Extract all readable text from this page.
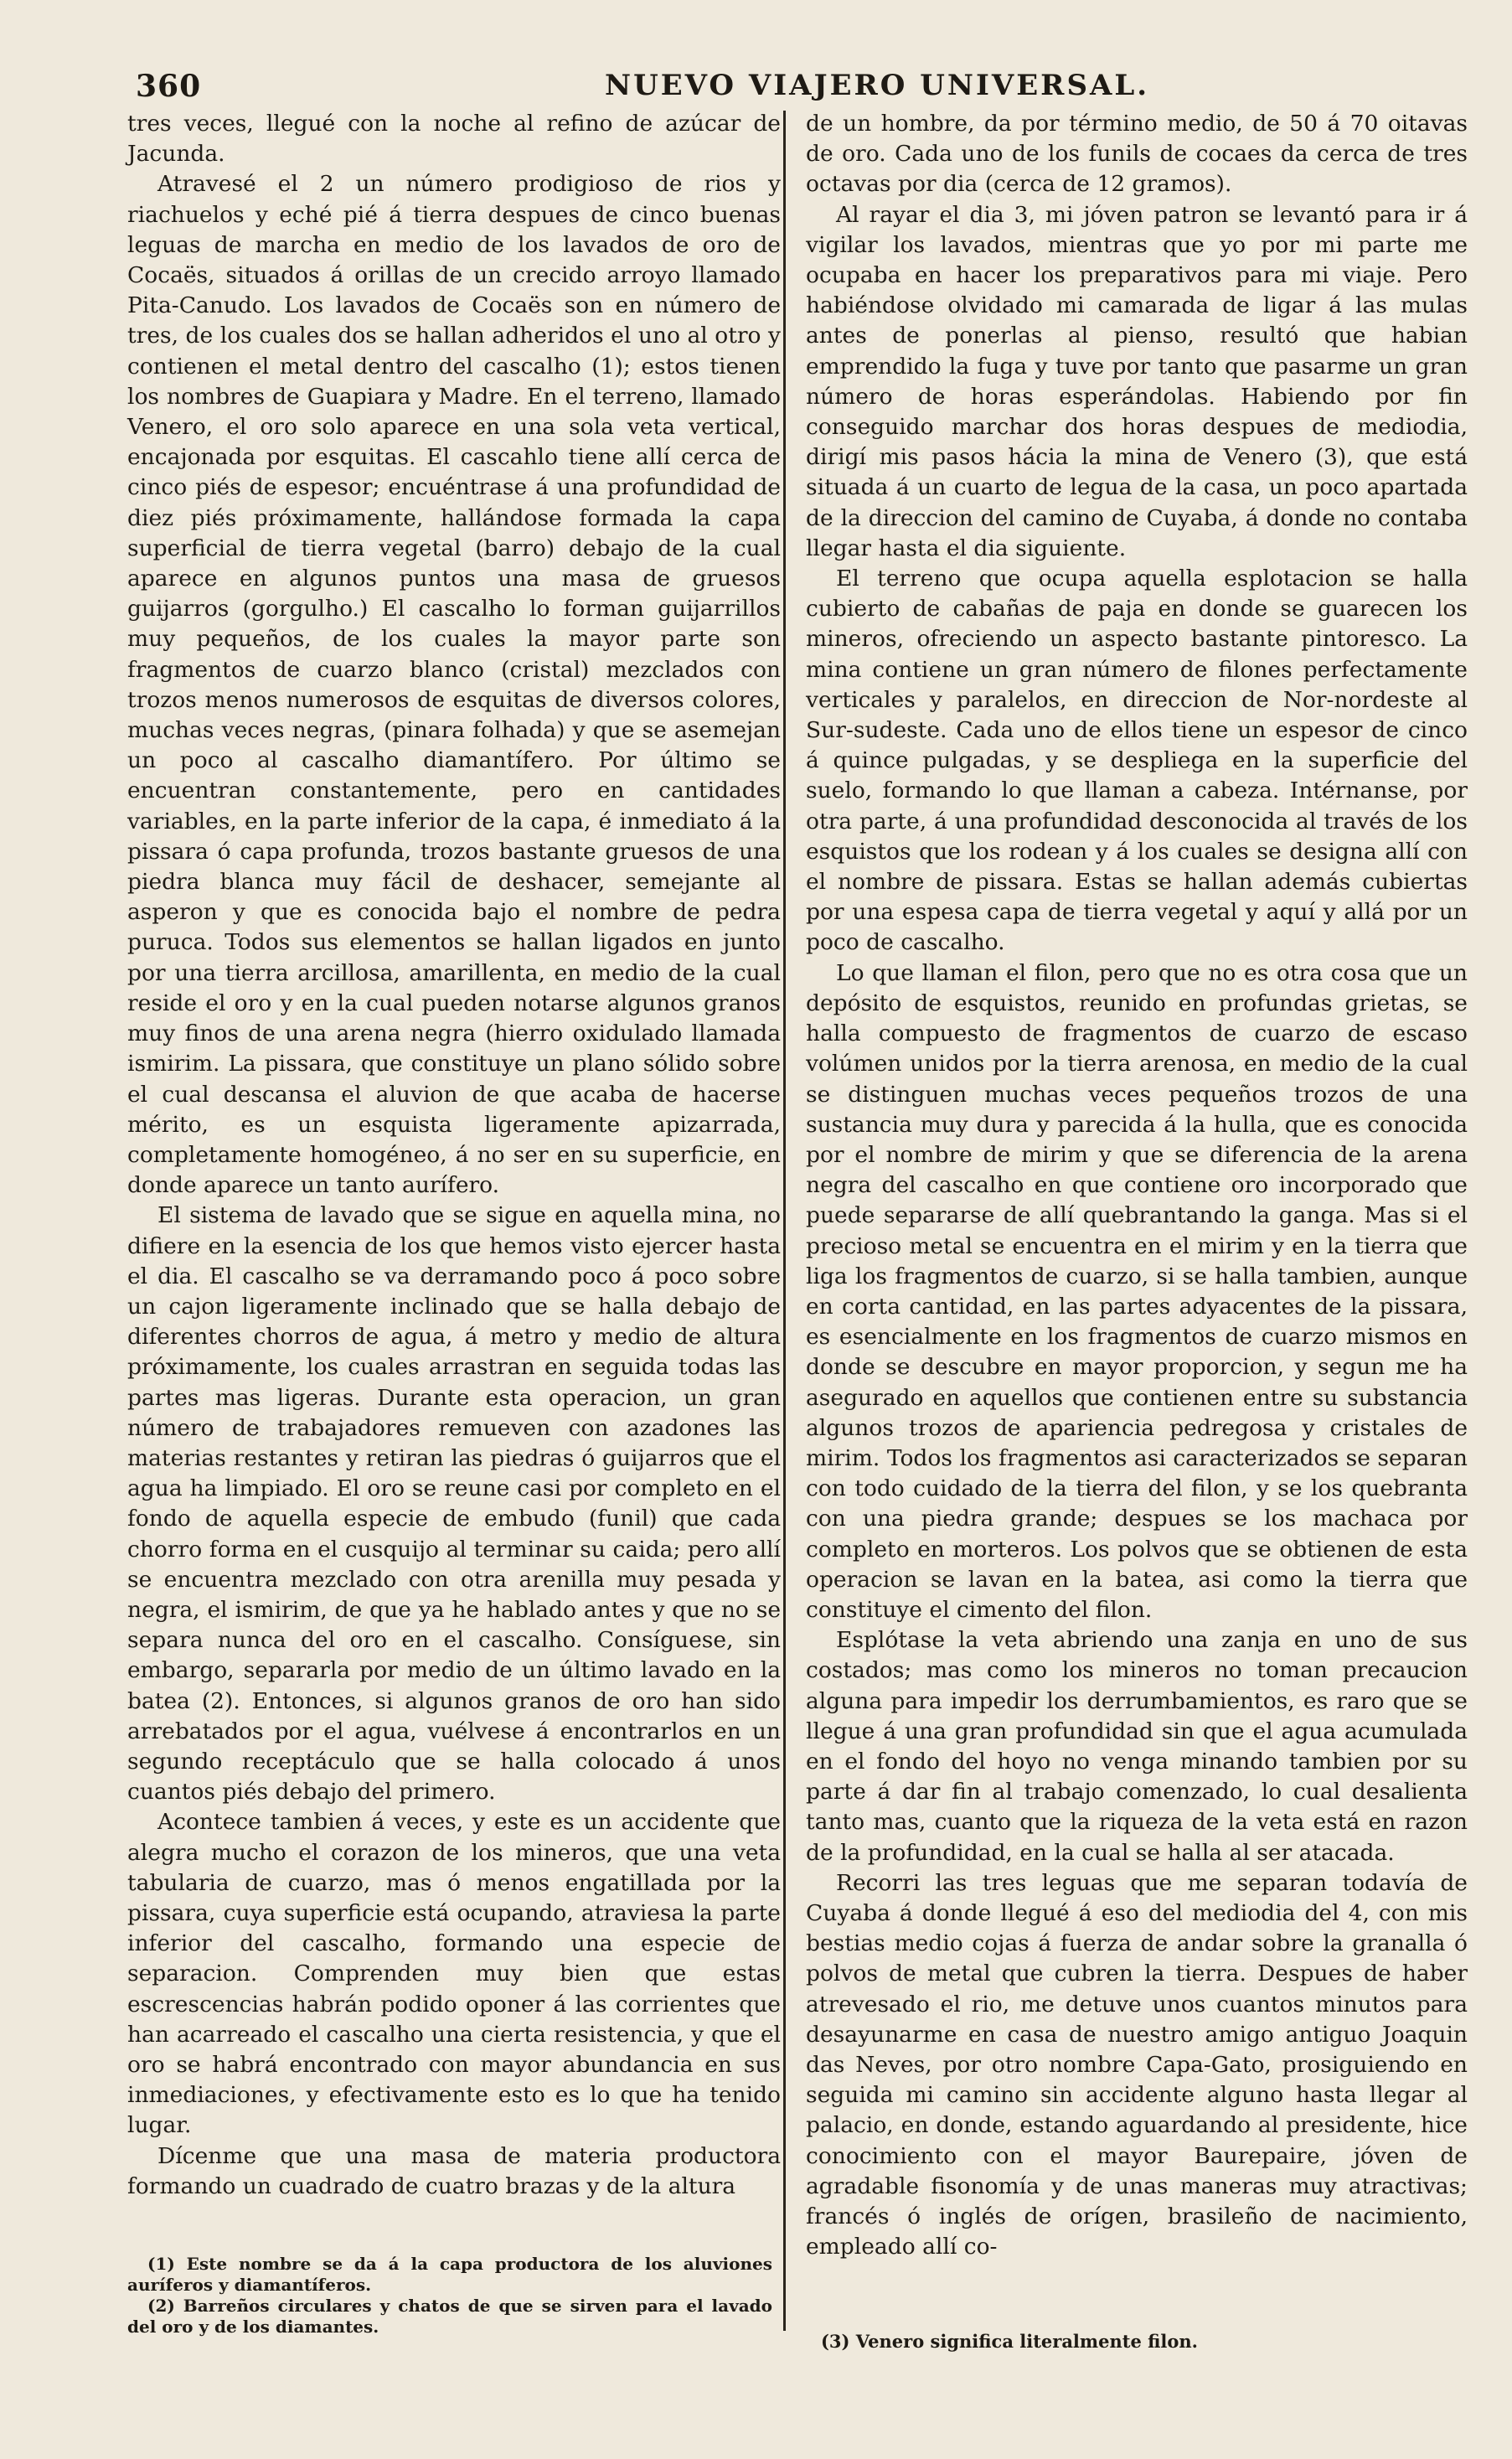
360	NUEVO VIAJERO UNIVERSAL.

tres veces, llegué con la noche al refino de azúcar de Jacunda.

Atravesé el 2 un número prodigioso de rios y riachuelos y eché pié á tierra despues de cinco buenas leguas de marcha en medio de los lavados de oro de Cocaës, situados á orillas de un crecido arroyo llamado Pita-Canudo. Los lavados de Cocaës son en número de tres, de los cuales dos se hallan adheridos el uno al otro y contienen el metal dentro del cascalho (1); estos tienen los nombres de Guapiara y Madre. En el terreno, llamado Venero, el oro solo aparece en una sola veta vertical, encajonada por esquitas. El cascahlo tiene allí cerca de cinco piés de espesor; encuéntrase á una profundidad de diez piés próximamente, hallándose formada la capa superficial de tierra vegetal (barro) debajo de la cual aparece en algunos puntos una masa de gruesos guijarros (gorgulho.) El cascalho lo forman guijarrillos muy pequeños, de los cuales la mayor parte son fragmentos de cuarzo blanco (cristal) mezclados con trozos menos numerosos de esquitas de diversos colores, muchas veces negras, (pinara folhada) y que se asemejan un poco al cascalho diamantífero. Por último se encuentran constantemente, pero en cantidades variables, en la parte inferior de la capa, é inmediato á la pissara ó capa profunda, trozos bastante gruesos de una piedra blanca muy fácil de deshacer, semejante al asperon y que es conocida bajo el nombre de pedra puruca. Todos sus elementos se hallan ligados en junto por una tierra arcillosa, amarillenta, en medio de la cual reside el oro y en la cual pueden notarse algunos granos muy finos de una arena negra (hierro oxidulado llamada ismirim. La pissara, que constituye un plano sólido sobre el cual descansa el aluvion de que acaba de hacerse mérito, es un esquista ligeramente apizarrada, completamente homogéneo, á no ser en su superficie, en donde aparece un tanto aurífero.

El sistema de lavado que se sigue en aquella mina, no difiere en la esencia de los que hemos visto ejercer hasta el dia. El cascalho se va derramando poco á poco sobre un cajon ligeramente inclinado que se halla debajo de diferentes chorros de agua, á metro y medio de altura próximamente, los cuales arrastran en seguida todas las partes mas ligeras. Durante esta operacion, un gran número de trabajadores remueven con azadones las materias restantes y retiran las piedras ó guijarros que el agua ha limpiado. El oro se reune casi por completo en el fondo de aquella especie de embudo (funil) que cada chorro forma en el cusquijo al terminar su caida; pero allí se encuentra mezclado con otra arenilla muy pesada y negra, el ismirim, de que ya he hablado antes y que no se separa nunca del oro en el cascalho. Consíguese, sin embargo, separarla por medio de un último lavado en la batea (2). Entonces, si algunos granos de oro han sido arrebatados por el agua, vuélvese á encontrarlos en un segundo receptáculo que se halla colocado á unos cuantos piés debajo del primero.

Acontece tambien á veces, y este es un accidente que alegra mucho el corazon de los mineros, que una veta tabularia de cuarzo, mas ó menos engatillada por la pissara, cuya superficie está ocupando, atraviesa la parte inferior del cascalho, formando una especie de separacion. Comprenden muy bien que estas escrescencias habrán podido oponer á las corrientes que han acarreado el cascalho una cierta resistencia, y que el oro se habrá encontrado con mayor abundancia en sus inmediaciones, y efectivamente esto es lo que ha tenido lugar.

Dícenme que una masa de materia productora formando un cuadrado de cuatro brazas y de la altura

de un hombre, da por término medio, de 50 á 70 oitavas de oro. Cada uno de los funils de cocaes da cerca de tres octavas por dia (cerca de 12 gramos).

Al rayar el dia 3, mi jóven patron se levantó para ir á vigilar los lavados, mientras que yo por mi parte me ocupaba en hacer los preparativos para mi viaje. Pero habiéndose olvidado mi camarada de ligar á las mulas antes de ponerlas al pienso, resultó que habian emprendido la fuga y tuve por tanto que pasarme un gran número de horas esperándolas. Habiendo por fin conseguido marchar dos horas despues de mediodia, dirigí mis pasos hácia la mina de Venero (3), que está situada á un cuarto de legua de la casa, un poco apartada de la direccion del camino de Cuyaba, á donde no contaba llegar hasta el dia siguiente.

El terreno que ocupa aquella esplotacion se halla cubierto de cabañas de paja en donde se guarecen los mineros, ofreciendo un aspecto bastante pintoresco. La mina contiene un gran número de filones perfectamente verticales y paralelos, en direccion de Nor-nordeste al Sur-sudeste. Cada uno de ellos tiene un espesor de cinco á quince pulgadas, y se despliega en la superficie del suelo, formando lo que llaman a cabeza. Intérnanse, por otra parte, á una profundidad desconocida al través de los esquistos que los rodean y á los cuales se designa allí con el nombre de pissara. Estas se hallan además cubiertas por una espesa capa de tierra vegetal y aquí y allá por un poco de cascalho.

Lo que llaman el filon, pero que no es otra cosa que un depósito de esquistos, reunido en profundas grietas, se halla compuesto de fragmentos de cuarzo de escaso volúmen unidos por la tierra arenosa, en medio de la cual se distinguen muchas veces pequeños trozos de una sustancia muy dura y parecida á la hulla, que es conocida por el nombre de mirim y que se diferencia de la arena negra del cascalho en que contiene oro incorporado que puede separarse de allí quebrantando la ganga. Mas si el precioso metal se encuentra en el mirim y en la tierra que liga los fragmentos de cuarzo, si se halla tambien, aunque en corta cantidad, en las partes adyacentes de la pissara, es esencialmente en los fragmentos de cuarzo mismos en donde se descubre en mayor proporcion, y segun me ha asegurado en aquellos que contienen entre su substancia algunos trozos de apariencia pedregosa y cristales de mirim. Todos los fragmentos asi caracterizados se separan con todo cuidado de la tierra del filon, y se los quebranta con una piedra grande; despues se los machaca por completo en morteros. Los polvos que se obtienen de esta operacion se lavan en la batea, asi como la tierra que constituye el cimento del filon.

Esplótase la veta abriendo una zanja en uno de sus costados; mas como los mineros no toman precaucion alguna para impedir los derrumbamientos, es raro que se llegue á una gran profundidad sin que el agua acumulada en el fondo del hoyo no venga minando tambien por su parte á dar fin al trabajo comenzado, lo cual desalienta tanto mas, cuanto que la riqueza de la veta está en razon de la profundidad, en la cual se halla al ser atacada.

Recorri las tres leguas que me separan todavía de Cuyaba á donde llegué á eso del mediodia del 4, con mis bestias medio cojas á fuerza de andar sobre la granalla ó polvos de metal que cubren la tierra. Despues de haber atrevesado el rio, me detuve unos cuantos minutos para desayunarme en casa de nuestro amigo antiguo Joaquin das Neves, por otro nombre Capa-Gato, prosiguiendo en seguida mi camino sin accidente alguno hasta llegar al palacio, en donde, estando aguardando al presidente, hice conocimiento con el mayor Baurepaire, jóven de agradable fisonomía y de unas maneras muy atractivas; francés ó inglés de orígen, brasileño de nacimiento, empleado allí co-

(1) Este nombre se da á la capa productora de los aluviones auríferos y diamantíferos.

(2) Barreños circulares y chatos de que se sirven para el lavado del oro y de los diamantes.

(3) Venero significa literalmente filon.
